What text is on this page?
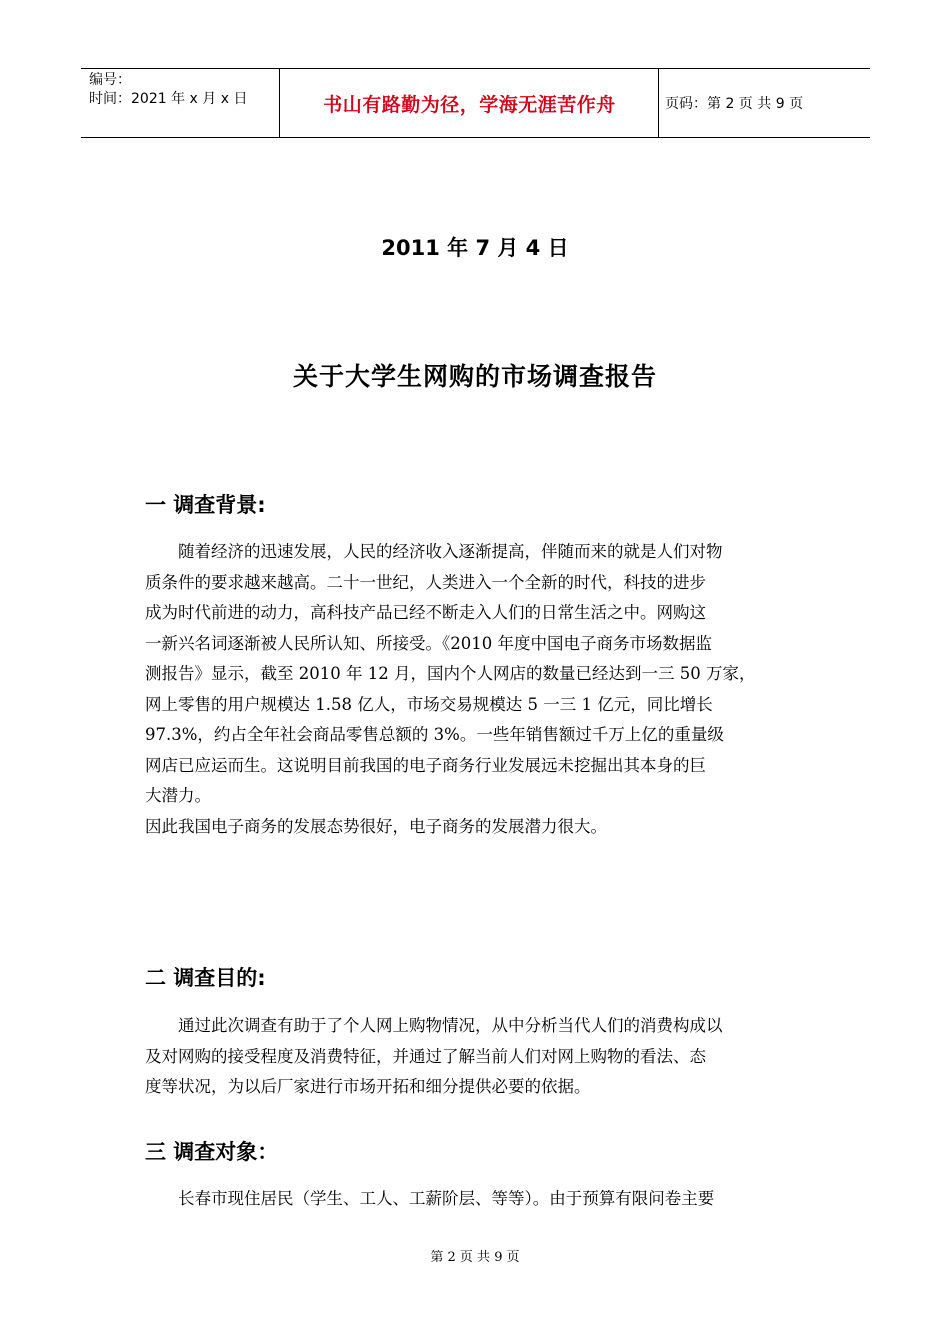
编号：
时间：2021 年 x 月 x 日	书山有路勤为径，学海无涯苦作舟	页码：第 2 页 共 9 页
2011 年 7 月 4 日
关于大学生网购的市场调查报告
一 调查背景:
随着经济的迅速发展，人民的经济收入逐渐提高，伴随而来的就是人们对物
质条件的要求越来越高。二十一世纪，人类进入一个全新的时代，科技的进步
成为时代前进的动力，高科技产品已经不断走入人们的日常生活之中。网购这
一新兴名词逐渐被人民所认知、所接受。《2010 年度中国电子商务市场数据监
测报告》显示，截至 2010 年 12 月，国内个人网店的数量已经达到一三 50 万家，
网上零售的用户规模达 1.58 亿人，市场交易规模达 5 一三 1 亿元，同比增长
97.3%，约占全年社会商品零售总额的 3%。一些年销售额过千万上亿的重量级
网店已应运而生。这说明目前我国的电子商务行业发展远未挖掘出其本身的巨
大潜力。
因此我国电子商务的发展态势很好，电子商务的发展潜力很大。
二 调查目的:
通过此次调查有助于了个人网上购物情况，从中分析当代人们的消费构成以
及对网购的接受程度及消费特征，并通过了解当前人们对网上购物的看法、态
度等状况，为以后厂家进行市场开拓和细分提供必要的依据。
三 调查对象：
长春市现住居民（学生、工人、工薪阶层、等等）。由于预算有限问卷主要
第 2 页 共 9 页
